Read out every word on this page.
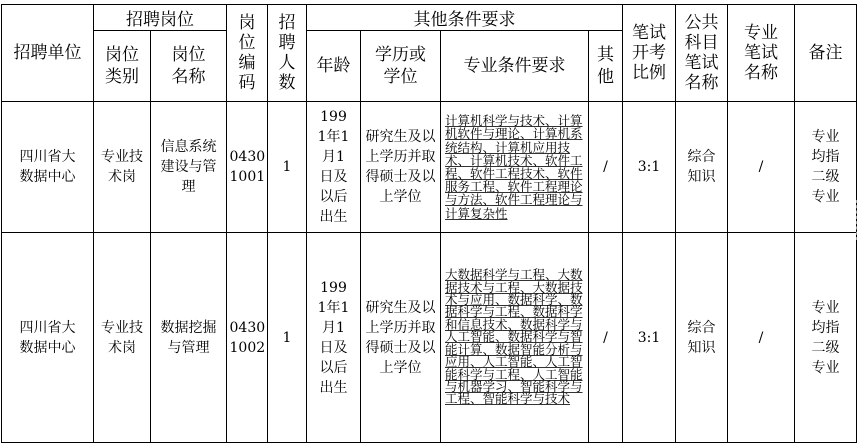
招聘单位	招聘岗位		岗位编码	招聘人数	其他条件要求				笔试开考比例	公共科目笔试名称	专业笔试名称	备注
	岗位类别	岗位名称			年龄	学历或学位	专业条件要求	其他				
四川省大数据中心	专业技术岗	信息系统建设与管理	0430 1001	1	1991年1月1日及以后出生	研究生及以上学历并取得硕士及以上学位	计算机科学与技术、计算机软件与理论、计算机系统结构、计算机应用技术、计算机技术、软件工程、软件工程技术、软件服务工程、软件工程理论与方法、软件工程理论与计算复杂性	/	3:1	综合知识	/	专业均指二级专业
四川省大数据中心	专业技术岗	数据挖掘与管理	0430 1002	1	1991年1月1日及以后出生	研究生及以上学历并取得硕士及以上学位	大数据科学与工程、大数据技术与工程、大数据技术与应用、数据科学、数据科学与工程、数据科学和信息技术、数据科学与人工智能、数据科学与智能计算、数据智能分析与应用、人工智能、人工智能科学与工程、人工智能与机器学习、智能科学与工程、智能科学与技术	/	3:1	综合知识	/	专业均指二级专业
